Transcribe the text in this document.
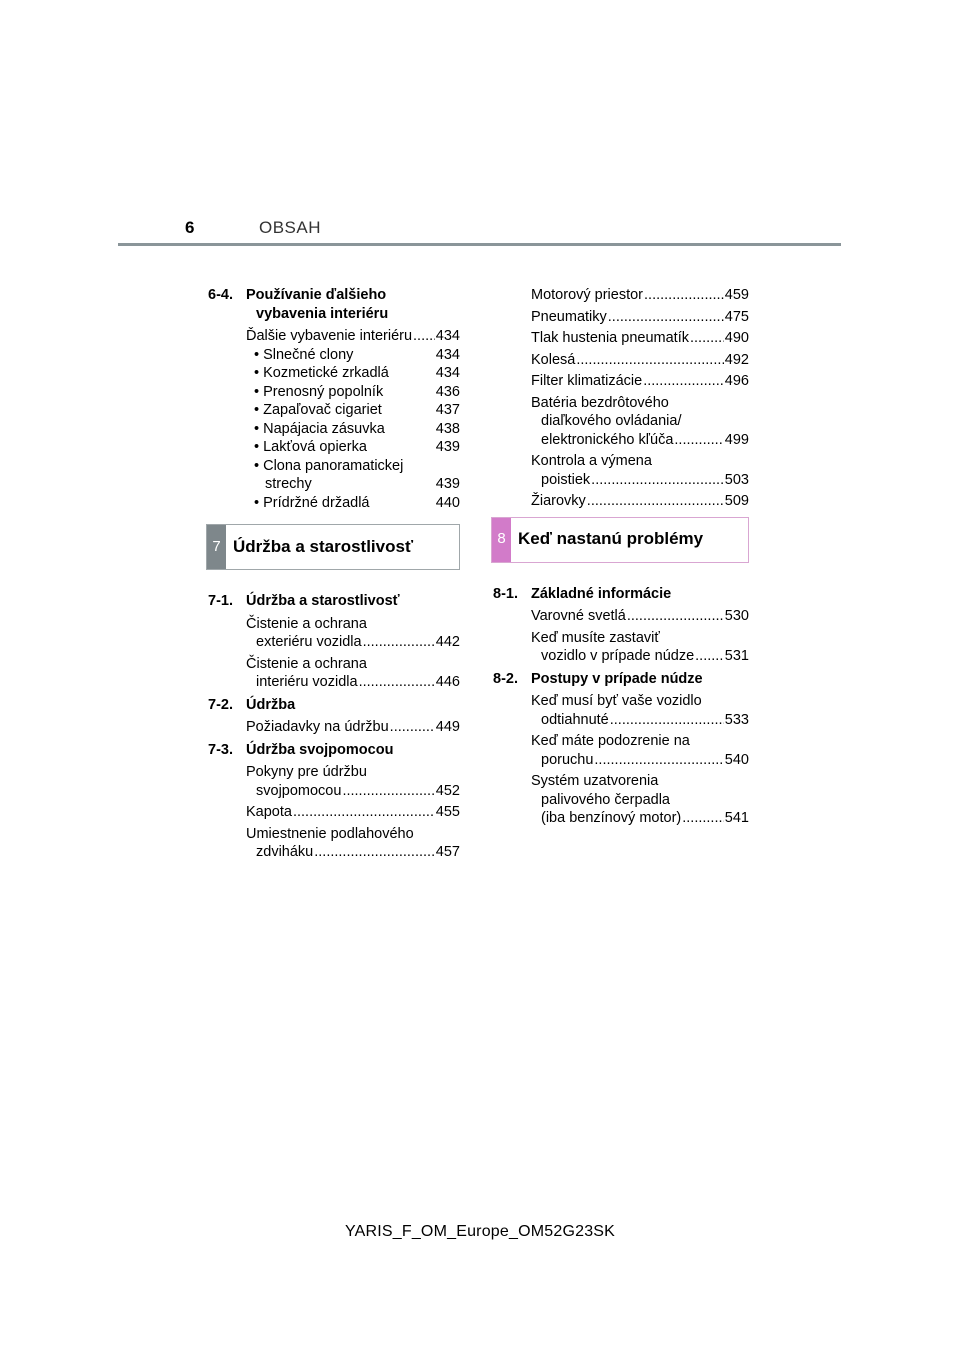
6	OBSAH
6-4. Používanie ďalšieho
vybavenia interiéru
Ďalšie vybavenie interiéru ..... 434
• Slnečné clony	434
• Kozmetické zrkadlá	434
• Prenosný popolník	436
• Zapaľovač cigariet	437
• Napájacia zásuvka	438
• Lakťová opierka	439
• Clona panoramatickej
strechy	439
• Prídržné držadlá	440
7 Údržba a starostlivosť
7-1. Údržba a starostlivosť
Čistenie a ochrana
exteriéru vozidla .....	442
Čistenie a ochrana
interiéru vozidla .....	446
7-2. Údržba
Požiadavky na údržbu .....	449
7-3. Údržba svojpomocou
Pokyny pre údržbu
svojpomocou .....	452
Kapota .....	455
Umiestnenie podlahového
zdviháku .....	457
Motorový priestor .....	459
Pneumatiky .....	475
Tlak hustenia pneumatík ..... 490
Kolesá .....	492
Filter klimatizácie .....	496
Batéria bezdrôtového
diaľkového ovládania/
elektronického kľúča .....	499
Kontrola a výmena
poistiek .....	503
Žiarovky .....	509
8 Keď nastanú problémy
8-1. Základné informácie
Varovné svetlá .....	530
Keď musíte zastaviť
vozidlo v prípade núdze ..... 531
8-2. Postupy v prípade núdze
Keď musí byť vaše vozidlo
odtiahnuté .....	533
Keď máte podozrenie na
poruchu .....	540
Systém uzatvorenia
palivového čerpadla
(iba benzínový motor) .....	541
YARIS_F_OM_Europe_OM52G23SK
